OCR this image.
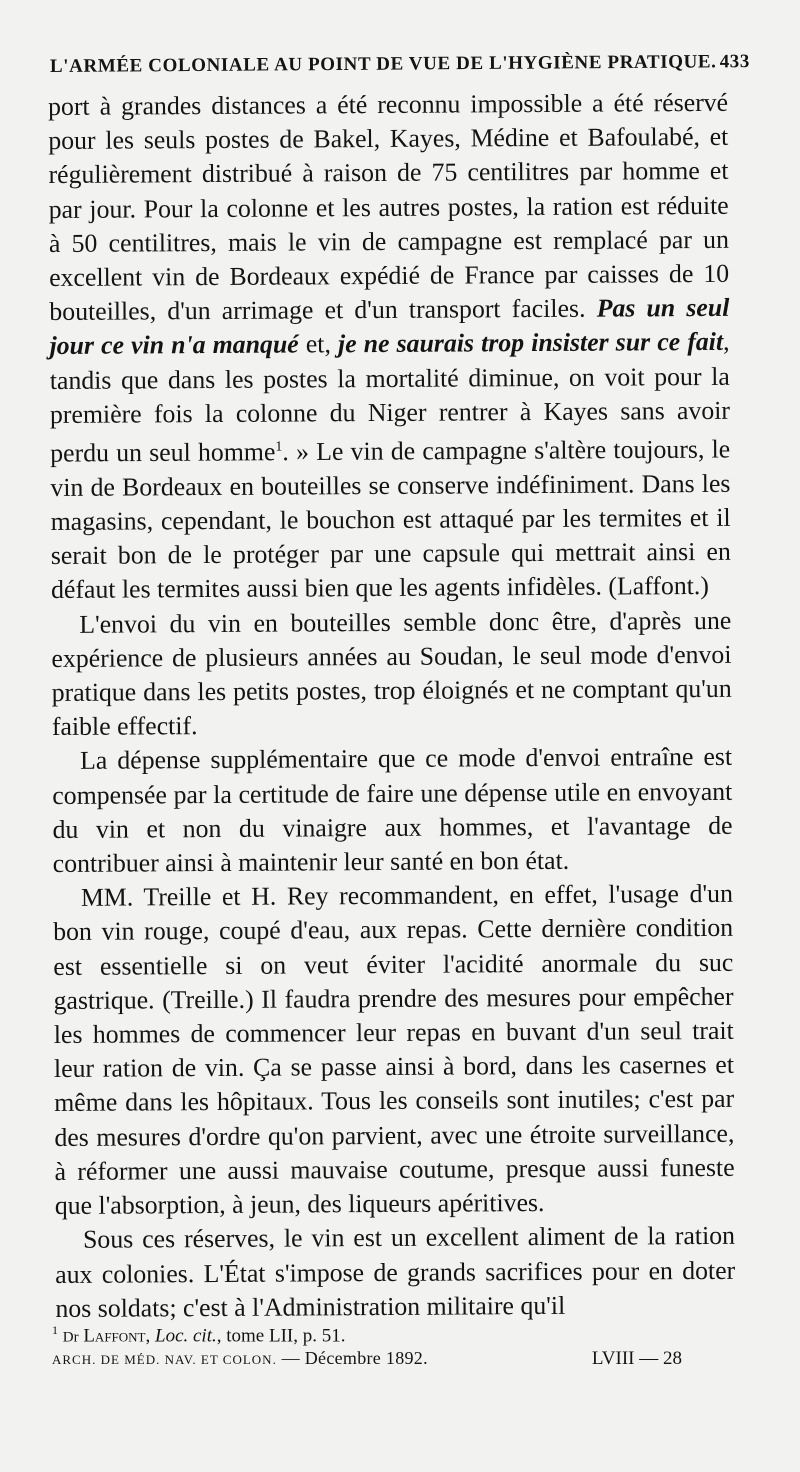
L'ARMÉE COLONIALE AU POINT DE VUE DE L'HYGIÈNE PRATIQUE. 433

port à grandes distances a été reconnu impossible a été réservé pour les seuls postes de Bakel, Kayes, Médine et Bafoulabé, et régulièrement distribué à raison de 75 centilitres par homme et par jour. Pour la colonne et les autres postes, la ration est réduite à 50 centilitres, mais le vin de campagne est remplacé par un excellent vin de Bordeaux expédié de France par caisses de 10 bouteilles, d'un arrimage et d'un transport faciles. Pas un seul jour ce vin n'a manqué et, je ne saurais trop insister sur ce fait, tandis que dans les postes la mortalité diminue, on voit pour la première fois la colonne du Niger rentrer à Kayes sans avoir perdu un seul homme$^1$. » Le vin de campagne s'altère toujours, le vin de Bordeaux en bouteilles se conserve indéfiniment. Dans les magasins, cependant, le bouchon est attaqué par les termites et il serait bon de le protéger par une capsule qui mettrait ainsi en défaut les termites aussi bien que les agents infidèles. (Laffont.)

L'envoi du vin en bouteilles semble donc être, d'après une expérience de plusieurs années au Soudan, le seul mode d'envoi pratique dans les petits postes, trop éloignés et ne comptant qu'un faible effectif.

La dépense supplémentaire que ce mode d'envoi entraîne est compensée par la certitude de faire une dépense utile en envoyant du vin et non du vinaigre aux hommes, et l'avantage de contribuer ainsi à maintenir leur santé en bon état.

MM. Treille et H. Rey recommandent, en effet, l'usage d'un bon vin rouge, coupé d'eau, aux repas. Cette dernière condition est essentielle si on veut éviter l'acidité anormale du suc gastrique. (Treille.) Il faudra prendre des mesures pour empêcher les hommes de commencer leur repas en buvant d'un seul trait leur ration de vin. Ça se passe ainsi à bord, dans les casernes et même dans les hôpitaux. Tous les conseils sont inutiles; c'est par des mesures d'ordre qu'on parvient, avec une étroite surveillance, à réformer une aussi mauvaise coutume, presque aussi funeste que l'absorption, à jeun, des liqueurs apéritives.

Sous ces réserves, le vin est un excellent aliment de la ration aux colonies. L'État s'impose de grands sacrifices pour en doter nos soldats; c'est à l'Administration militaire qu'il

$^1$ Dr Laffont, Loc. cit., tome LII, p. 51.
ARCH. DE MÉD. NAV. ET COLON. — Décembre 1892.	LVIII — 28
